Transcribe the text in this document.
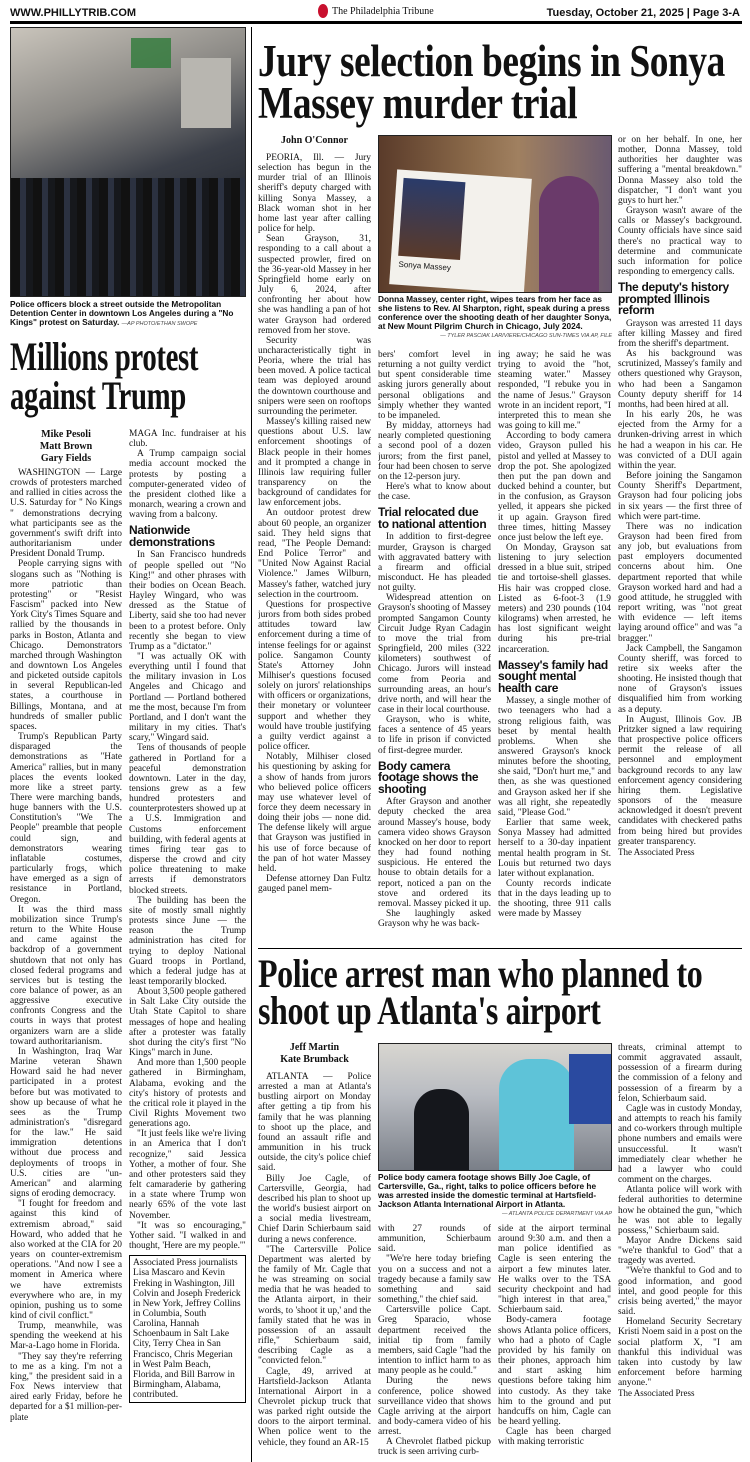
WWW.PHILLYTRIB.COM	The Philadelphia Tribune	Tuesday, October 21, 2025 | Page 3-A
Police officers block a street outside the Metropolitan Detention Center in downtown Los Angeles during a "No Kings" protest on Saturday. —AP PHOTO/ETHAN SWOPE
Millions protest against Trump
Mike Pesoli
Matt Brown
Gary Fields

WASHINGTON — Large crowds of protesters marched and rallied in cities across the U.S. Saturday for " No Kings " demonstrations decrying what participants see as the government's swift drift into authoritarianism under President Donald Trump.

People carrying signs with slogans such as "Nothing is more patriotic than protesting" or "Resist Fascism" packed into New York City's Times Square and rallied by the thousands in parks in Boston, Atlanta and Chicago. Demonstrators marched through Washington and downtown Los Angeles and picketed outside capitols in several Republican-led states, a courthouse in Billings, Montana, and at hundreds of smaller public spaces.

Trump's Republican Party disparaged the demonstrations as "Hate America" rallies, but in many places the events looked more like a street party. There were marching bands, huge banners with the U.S. Constitution's "We The People" preamble that people could sign, and demonstrators wearing inflatable costumes, particularly frogs, which have emerged as a sign of resistance in Portland, Oregon.

It was the third mass mobilization since Trump's return to the White House and came against the backdrop of a government shutdown that not only has closed federal programs and services but is testing the core balance of power, as an aggressive executive confronts Congress and the courts in ways that protest organizers warn are a slide toward authoritarianism.

In Washington, Iraq War Marine veteran Shawn Howard said he had never participated in a protest before but was motivated to show up because of what he sees as the Trump administration's "disregard for the law." He said immigration detentions without due process and deployments of troops in U.S. cities are "un-American" and alarming signs of eroding democracy.

"I fought for freedom and against this kind of extremism abroad," said Howard, who added that he also worked at the CIA for 20 years on counter-extremism operations. "And now I see a moment in America where we have extremists everywhere who are, in my opinion, pushing us to some kind of civil conflict."

Trump, meanwhile, was spending the weekend at his Mar-a-Lago home in Florida.

"They say they're referring to me as a king. I'm not a king," the president said in a Fox News interview that aired early Friday, before he departed for a $1 million-per-plate

MAGA Inc. fundraiser at his club.

A Trump campaign social media account mocked the protests by posting a computer-generated video of the president clothed like a monarch, wearing a crown and waving from a balcony.

Nationwide demonstrations

In San Francisco hundreds of people spelled out "No King!" and other phrases with their bodies on Ocean Beach. Hayley Wingard, who was dressed as the Statue of Liberty, said she too had never been to a protest before. Only recently she began to view Trump as a "dictator."

"I was actually OK with everything until I found that the military invasion in Los Angeles and Chicago and Portland — Portland bothered me the most, because I'm from Portland, and I don't want the military in my cities. That's scary," Wingard said.

Tens of thousands of people gathered in Portland for a peaceful demonstration downtown. Later in the day, tensions grew as a few hundred protesters and counterprotesters showed up at a U.S. Immigration and Customs enforcement building, with federal agents at times firing tear gas to disperse the crowd and city police threatening to make arrests if demonstrators blocked streets.

The building has been the site of mostly small nightly protests since June — the reason the Trump administration has cited for trying to deploy National Guard troops in Portland, which a federal judge has at least temporarily blocked.

About 3,500 people gathered in Salt Lake City outside the Utah State Capitol to share messages of hope and healing after a protester was fatally shot during the city's first "No Kings" march in June.

And more than 1,500 people gathered in Birmingham, Alabama, evoking and the city's history of protests and the critical role it played in the Civil Rights Movement two generations ago.

"It just feels like we're living in an America that I don't recognize," said Jessica Yother, a mother of four. She and other protesters said they felt camaraderie by gathering in a state where Trump won nearly 65% of the vote last November.

"It was so encouraging," Yother said. "I walked in and thought, 'Here are my people.'"

Associated Press journalists Lisa Mascaro and Kevin Freking in Washington, Jill Colvin and Joseph Frederick in New York, Jeffrey Collins in Columbia, South Carolina, Hannah Schoenbaum in Salt Lake City, Terry Chea in San Francisco, Chris Megerian in West Palm Beach, Florida, and Bill Barrow in Birmingham, Alabama, contributed.

Jury selection begins in Sonya Massey murder trial
John O'Connor

PEORIA, Ill. — Jury selection has begun in the murder trial of an Illinois sheriff's deputy charged with killing Sonya Massey, a Black woman shot in her home last year after calling police for help.

Sean Grayson, 31, responding to a call about a suspected prowler, fired on the 36-year-old Massey in her Springfield home early on July 6, 2024, after confronting her about how she was handling a pan of hot water Grayson had ordered removed from her stove.

Security was uncharacteristically tight in Peoria, where the trial has been moved. A police tactical team was deployed around the downtown courthouse and snipers were seen on rooftops surrounding the perimeter.

Massey's killing raised new questions about U.S. law enforcement shootings of Black people in their homes and it prompted a change in Illinois law requiring fuller transparency on the background of candidates for law enforcement jobs.

An outdoor protest drew about 60 people, an organizer said. They held signs that read, "The People Demand: End Police Terror" and "United Now Against Racial Violence." James Wilburn, Massey's father, watched jury selection in the courtroom.

Questions for prospective jurors from both sides probed attitudes toward law enforcement during a time of intense feelings for or against police. Sangamon County State's Attorney John Milhiser's questions focused solely on jurors' relationships with officers or organizations, their monetary or volunteer support and whether they would have trouble justifying a guilty verdict against a police officer.

Notably, Milhiser closed his questioning by asking for a show of hands from jurors who believed police officers may use whatever level of force they deem necessary in doing their jobs — none did. The defense likely will argue that Grayson was justified in his use of force because of the pan of hot water Massey held.

Defense attorney Dan Fultz gauged panel mem-

Sonya Massey
Donna Massey, center right, wipes tears from her face as she listens to Rev. Al Sharpton, right, speak during a press conference over the shooting death of her daughter Sonya, at New Mount Pilgrim Church in Chicago, July 2024.
— TYLER PASCIAK LARIVIERE/CHICAGO SUN-TIMES VIA AP, FILE

bers' comfort level in returning a not guilty verdict but spent considerable time asking jurors generally about personal obligations and simply whether they wanted to be impaneled.

By midday, attorneys had nearly completed questioning a second pool of a dozen jurors; from the first panel, four had been chosen to serve on the 12-person jury.

Here's what to know about the case.

Trial relocated due to national attention

In addition to first-degree murder, Grayson is charged with aggravated battery with a firearm and official misconduct. He has pleaded not guilty.

Widespread attention on Grayson's shooting of Massey prompted Sangamon County Circuit Judge Ryan Cadagin to move the trial from Springfield, 200 miles (322 kilometers) southwest of Chicago. Jurors will instead come from Peoria and surrounding areas, an hour's drive north, and will hear the case in their local courthouse.

Grayson, who is white, faces a sentence of 45 years to life in prison if convicted of first-degree murder.

Body camera footage shows the shooting

After Grayson and another deputy checked the area around Massey's house, body camera video shows Grayson knocked on her door to report they had found nothing suspicious. He entered the house to obtain details for a report, noticed a pan on the stove and ordered its removal. Massey picked it up.

She laughingly asked Grayson why he was back-

ing away; he said he was trying to avoid the "hot, steaming water." Massey responded, "I rebuke you in the name of Jesus." Grayson wrote in an incident report, "I interpreted this to mean she was going to kill me."

According to body camera video, Grayson pulled his pistol and yelled at Massey to drop the pot. She apologized then put the pan down and ducked behind a counter, but in the confusion, as Grayson yelled, it appears she picked it up again. Grayson fired three times, hitting Massey once just below the left eye.

On Monday, Grayson sat listening to jury selection dressed in a blue suit, striped tie and tortoise-shell glasses. His hair was cropped close. Listed as 6-foot-3 (1.9 meters) and 230 pounds (104 kilograms) when arrested, he has lost significant weight during his pre-trial incarceration.

Massey's family had sought mental health care

Massey, a single mother of two teenagers who had a strong religious faith, was beset by mental health problems. When she answered Grayson's knock minutes before the shooting, she said, "Don't hurt me," and then, as she was questioned and Grayson asked her if she was all right, she repeatedly said, "Please God."

Earlier that same week, Sonya Massey had admitted herself to a 30-day inpatient mental health program in St. Louis but returned two days later without explanation.

County records indicate that in the days leading up to the shooting, three 911 calls were made by Massey

or on her behalf. In one, her mother, Donna Massey, told authorities her daughter was suffering a "mental breakdown." Donna Massey also told the dispatcher, "I don't want you guys to hurt her."

Grayson wasn't aware of the calls or Massey's background. County officials have since said there's no practical way to determine and communicate such information for police responding to emergency calls.

The deputy's history prompted Illinois reform

Grayson was arrested 11 days after killing Massey and fired from the sheriff's department.

As his background was scrutinized, Massey's family and others questioned why Grayson, who had been a Sangamon County deputy sheriff for 14 months, had been hired at all.

In his early 20s, he was ejected from the Army for a drunken-driving arrest in which he had a weapon in his car. He was convicted of a DUI again within the year.

Before joining the Sangamon County Sheriff's Department, Grayson had four policing jobs in six years — the first three of which were part-time.

There was no indication Grayson had been fired from any job, but evaluations from past employers documented concerns about him. One department reported that while Grayson worked hard and had a good attitude, he struggled with report writing, was "not great with evidence — left items laying around office" and was "a bragger."

Jack Campbell, the Sangamon County sheriff, was forced to retire six weeks after the shooting. He insisted though that none of Grayson's issues disqualified him from working as a deputy.

In August, Illinois Gov. JB Pritzker signed a law requiring that prospective police officers permit the release of all personnel and employment background records to any law enforcement agency considering hiring them. Legislative sponsors of the measure acknowledged it doesn't prevent candidates with checkered paths from being hired but provides greater transparency.

The Associated Press

Police arrest man who planned to shoot up Atlanta's airport
Jeff Martin
Kate Brumback

ATLANTA — Police arrested a man at Atlanta's bustling airport on Monday after getting a tip from his family that he was planning to shoot up the place, and found an assault rifle and ammunition in his truck outside, the city's police chief said.

Billy Joe Cagle, of Cartersville, Georgia, had described his plan to shoot up the world's busiest airport on a social media livestream, Chief Darin Schierbaum said during a news conference.

"The Cartersville Police Department was alerted by the family of Mr. Cagle that he was streaming on social media that he was headed to the Atlanta airport, in their words, to 'shoot it up,' and the family stated that he was in possession of an assault rifle," Schierbaum said, describing Cagle as a "convicted felon."

Cagle, 49, arrived at Hartsfield-Jackson Atlanta International Airport in a Chevrolet pickup truck that was parked right outside the doors to the airport terminal. When police went to the vehicle, they found an AR-15

Police body camera footage shows Billy Joe Cagle, of Cartersville, Ga., right, talks to police officers before he was arrested inside the domestic terminal at Hartsfield-Jackson Atlanta International Airport in Atlanta.
— ATLANTA POLICE DEPARTMENT VIA AP

with 27 rounds of ammunition, Schierbaum said.

"We're here today briefing you on a success and not a tragedy because a family saw something and said something," the chief said.

Cartersville police Capt. Greg Sparacio, whose department received the initial tip from family members, said Cagle "had the intention to inflict harm to as many people as he could."

During the news conference, police showed surveillance video that shows Cagle arriving at the airport and body-camera video of his arrest.

A Chevrolet flatbed pickup truck is seen arriving curb-

side at the airport terminal around 9:30 a.m. and then a man police identified as Cagle is seen entering the airport a few minutes later. He walks over to the TSA security checkpoint and had "high interest in that area," Schierbaum said.

Body-camera footage shows Atlanta police officers, who had a photo of Cagle provided by his family on their phones, approach him and start asking him questions before taking him into custody. As they take him to the ground and put handcuffs on him, Cagle can be heard yelling.

Cagle has been charged with making terroristic

threats, criminal attempt to commit aggravated assault, possession of a firearm during the commission of a felony and possession of a firearm by a felon, Schierbaum said.

Cagle was in custody Monday, and attempts to reach his family and co-workers through multiple phone numbers and emails were unsuccessful. It wasn't immediately clear whether he had a lawyer who could comment on the charges.

Atlanta police will work with federal authorities to determine how he obtained the gun, "which he was not able to legally possess," Schierbaum said.

Mayor Andre Dickens said "we're thankful to God" that a tragedy was averted.

"We're thankful to God and to good information, and good intel, and good people for this crisis being averted," the mayor said.

Homeland Security Secretary Kristi Noem said in a post on the social platform X, "I am thankful this individual was taken into custody by law enforcement before harming anyone."

The Associated Press
